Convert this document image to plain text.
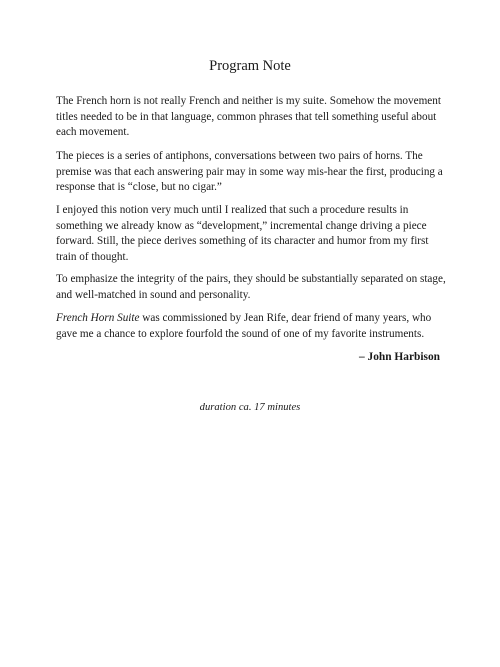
Program Note

The French horn is not really French and neither is my suite. Somehow the movement titles needed to be in that language, common phrases that tell something useful about each movement.

The pieces is a series of antiphons, conversations between two pairs of horns. The premise was that each answering pair may in some way mis-hear the first, producing a response that is “close, but no cigar.”

I enjoyed this notion very much until I realized that such a procedure results in something we already know as “development,” incremental change driving a piece forward. Still, the piece derives something of its character and humor from my first train of thought.

To emphasize the integrity of the pairs, they should be substantially separated on stage, and well-matched in sound and personality.

French Horn Suite was commissioned by Jean Rife, dear friend of many years, who gave me a chance to explore fourfold the sound of one of my favorite instruments.

– John Harbison
duration ca. 17 minutes
